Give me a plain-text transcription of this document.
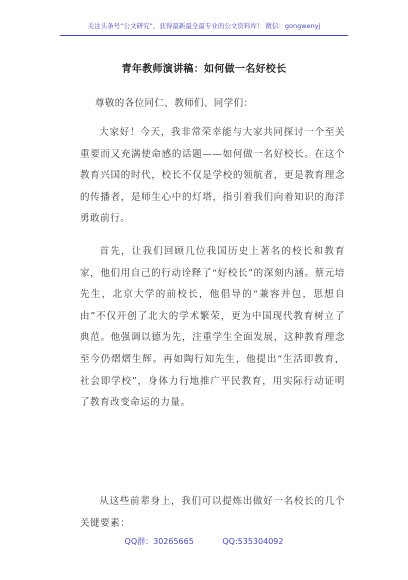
关注头条号“公文研究”，获得最新最全最专业的公文资料库！ 微信：gongwenyj
青年教师演讲稿：如何做一名好校长
尊敬的各位同仁、教师们、同学们：

大家好！今天，我非常荣幸能与大家共同探讨一个至关重要而又充满使命感的话题——如何做一名好校长。在这个教育兴国的时代，校长不仅是学校的领航者，更是教育理念的传播者，是师生心中的灯塔，指引着我们向着知识的海洋勇敢前行。

首先，让我们回顾几位我国历史上著名的校长和教育家，他们用自己的行动诠释了“好校长”的深刻内涵。蔡元培先生，北京大学的前校长，他倡导的“兼容并包，思想自由”不仅开创了北大的学术繁荣，更为中国现代教育树立了典范。他强调以德为先，注重学生全面发展，这种教育理念至今仍熠熠生辉。再如陶行知先生，他提出“生活即教育，社会即学校”，身体力行地推广平民教育，用实际行动证明了教育改变命运的力量。

从这些前辈身上，我们可以提炼出做好一名校长的几个关键要素：

QQ群：30265665	QQ:535304092
